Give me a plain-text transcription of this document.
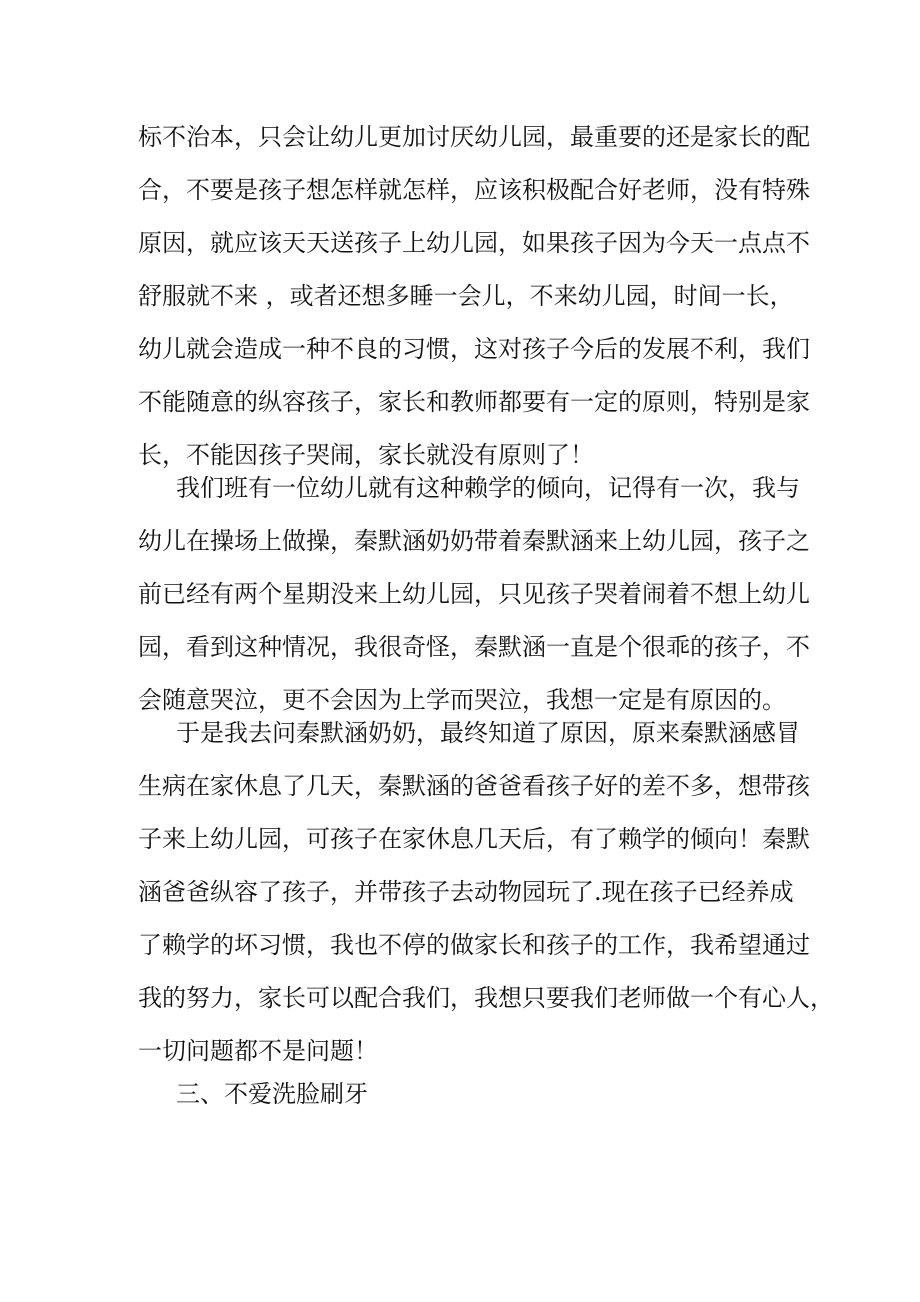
标不治本，只会让幼儿更加讨厌幼儿园，最重要的还是家长的配
合，不要是孩子想怎样就怎样，应该积极配合好老师，没有特殊
原因，就应该天天送孩子上幼儿园，如果孩子因为今天一点点不
舒服就不来 ，或者还想多睡一会儿，不来幼儿园，时间一长，
幼儿就会造成一种不良的习惯，这对孩子今后的发展不利，我们
不能随意的纵容孩子，家长和教师都要有一定的原则，特别是家
长，不能因孩子哭闹，家长就没有原则了！
我们班有一位幼儿就有这种赖学的倾向，记得有一次，我与
幼儿在操场上做操，秦默涵奶奶带着秦默涵来上幼儿园，孩子之
前已经有两个星期没来上幼儿园，只见孩子哭着闹着不想上幼儿
园，看到这种情况，我很奇怪，秦默涵一直是个很乖的孩子，不
会随意哭泣，更不会因为上学而哭泣，我想一定是有原因的。
于是我去问秦默涵奶奶，最终知道了原因，原来秦默涵感冒
生病在家休息了几天，秦默涵的爸爸看孩子好的差不多，想带孩
子来上幼儿园，可孩子在家休息几天后，有了赖学的倾向！秦默
涵爸爸纵容了孩子，并带孩子去动物园玩了.现在孩子已经养成
了赖学的坏习惯，我也不停的做家长和孩子的工作，我希望通过
我的努力，家长可以配合我们，我想只要我们老师做一个有心人，
一切问题都不是问题！
三、不爱洗脸刷牙
